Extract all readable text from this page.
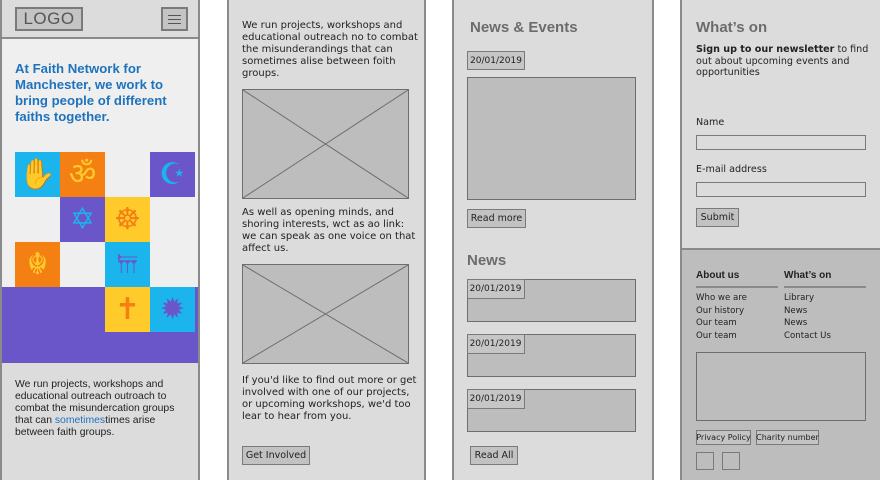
LOGO
At Faith Network for Manchester, we work to bring people of different faiths together.
✋ ॐ ☪
✡ ☸
☬	𐎠
✝ ✹

We run projects, workshops and educational outreach outroach to combat the misundercation groups that can sometimestimes arise between faith groups.

We run projects, workshops and educational outreach no to combat the misunderandings that can sometimes alise between foith groups.
As well as opening minds, and shoring interests, wct as ao link: we can speak as one voice on that affect us.
If you'd like to find out more or get involved with one of our projects, or upcoming workshops, we'd too lear to hear from you.
Get Involved
News & Events
20/01/2019
Read more
News
20/01/2019
20/01/2019
20/01/2019
Read All
What’s on
Sign up to our newsletter to find out about upcoming events and opportunities
Name
E-mail address
Submit
About us
Who we are
Our history
Our team
Our team
What’s on
Library
News
News
Contact Us
Privacy Policy Charity number
